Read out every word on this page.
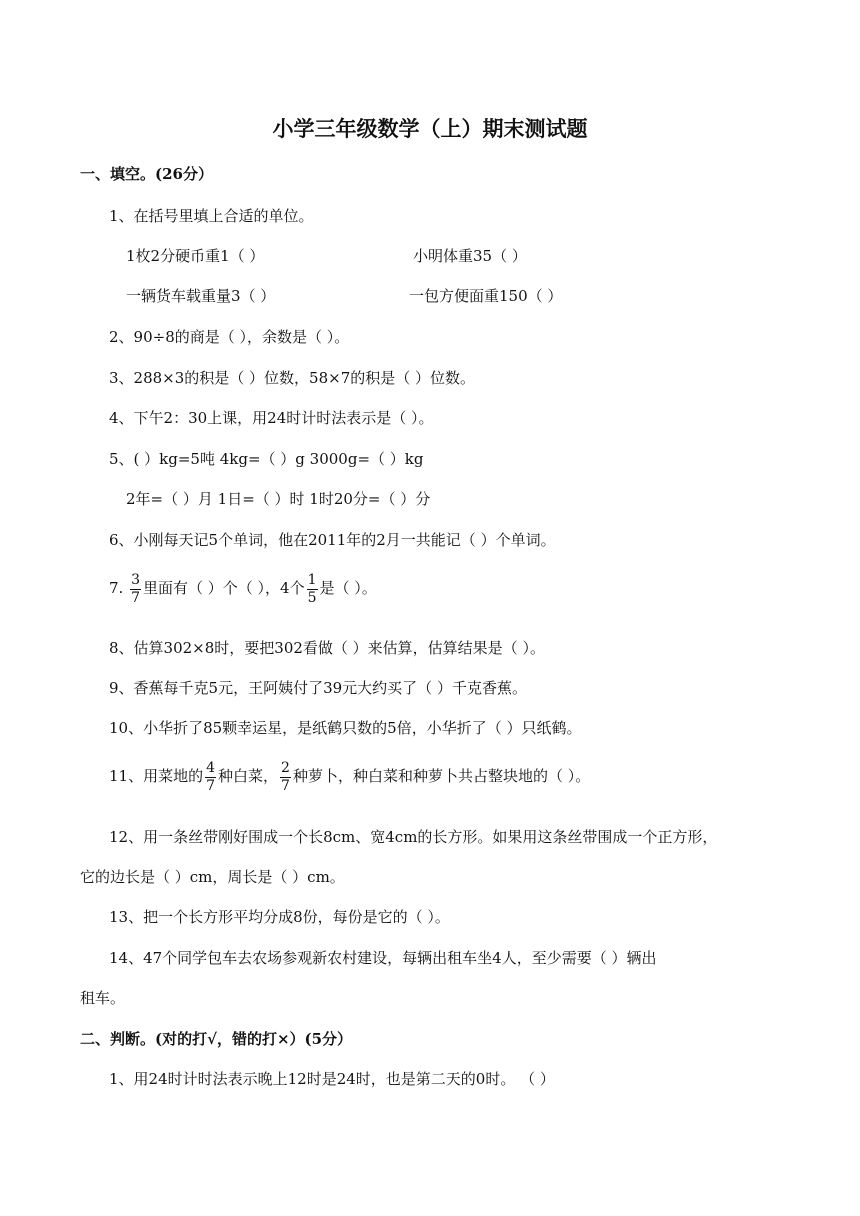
小学三年级数学（上）期末测试题
一、填空。(26分）
1、在括号里填上合适的单位。
1枚2分硬币重1（ ）	小明体重35（ ）
一辆货车载重量3（ ）	一包方便面重150（ ）
2、90÷8的商是（ ），余数是（ ）。
3、288×3的积是（ ）位数，58×7的积是（ ）位数。
4、下午2：30上课，用24时计时法表示是（ ）。
5、( ）kg=5吨 4kg=（ ）g 3000g=（ ）kg
2年=（ ）月 1日=（ ）时 1时20分=（ ）分
6、小刚每天记5个单词，他在2011年的2月一共能记（ ）个单词。
7. $\frac{3}{7}$ 里面有（ ）个（ ），4个 $\frac{1}{5}$ 是（ ）。
8、估算302×8时，要把302看做（ ）来估算，估算结果是（ ）。
9、香蕉每千克5元，王阿姨付了39元大约买了（ ）千克香蕉。
10、小华折了85颗幸运星，是纸鹤只数的5倍，小华折了（ ）只纸鹤。
11、用菜地的 $\frac{4}{7}$ 种白菜， $\frac{2}{7}$ 种萝卜，种白菜和种萝卜共占整块地的（ ）。
12、用一条丝带刚好围成一个长8cm、宽4cm的长方形。如果用这条丝带围成一个正方形，
它的边长是（ ）cm，周长是（ ）cm。
13、把一个长方形平均分成8份，每份是它的（ ）。
14、47个同学包车去农场参观新农村建设，每辆出租车坐4人，至少需要（ ）辆出
租车。
二、判断。(对的打√，错的打×）(5分）
1、用24时计时法表示晚上12时是24时，也是第二天的0时。 （ ）
